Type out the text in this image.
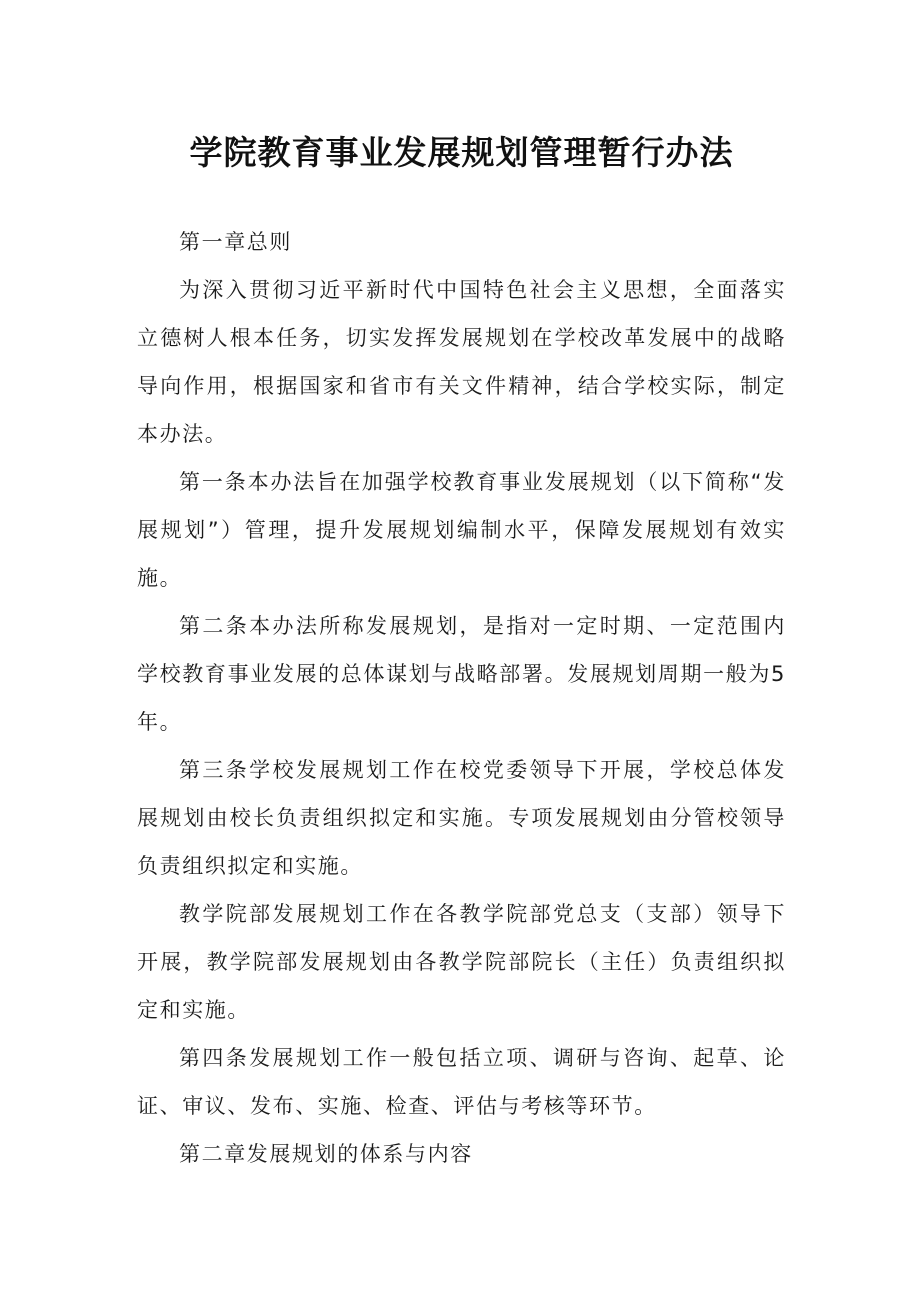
学院教育事业发展规划管理暂行办法

第一章总则

为深入贯彻习近平新时代中国特色社会主义思想，全面落实立德树人根本任务，切实发挥发展规划在学校改革发展中的战略导向作用，根据国家和省市有关文件精神，结合学校实际，制定本办法。

第一条本办法旨在加强学校教育事业发展规划（以下简称“发展规划”）管理，提升发展规划编制水平，保障发展规划有效实施。

第二条本办法所称发展规划，是指对一定时期、一定范围内学校教育事业发展的总体谋划与战略部署。发展规划周期一般为5年。

第三条学校发展规划工作在校党委领导下开展，学校总体发展规划由校长负责组织拟定和实施。专项发展规划由分管校领导负责组织拟定和实施。

教学院部发展规划工作在各教学院部党总支（支部）领导下开展，教学院部发展规划由各教学院部院长（主任）负责组织拟定和实施。

第四条发展规划工作一般包括立项、调研与咨询、起草、论证、审议、发布、实施、检查、评估与考核等环节。

第二章发展规划的体系与内容
